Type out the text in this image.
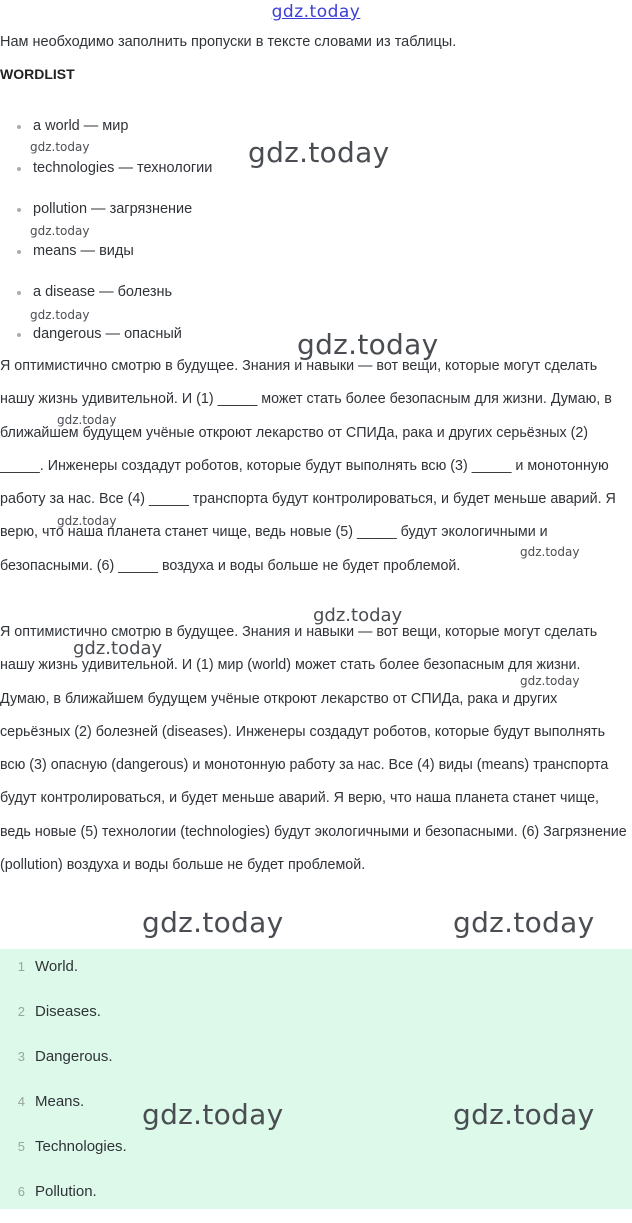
gdz.today
Нам необходимо заполнить пропуски в тексте словами из таблицы.
WORDLIST
a world — мир
technologies — технологии
pollution — загрязнение
means — виды
a disease — болезнь
dangerous — опасный

Я оптимистично смотрю в будущее. Знания и навыки — вот вещи, которые могут сделать нашу жизнь удивительной. И (1) _____ может стать более безопасным для жизни. Думаю, в ближайшем будущем учёные откроют лекарство от СПИДа, рака и других серьёзных (2) _____. Инженеры создадут роботов, которые будут выполнять всю (3) _____ и монотонную работу за нас. Все (4) _____ транспорта будут контролироваться, и будет меньше аварий. Я верю, что наша планета станет чище, ведь новые (5) _____ будут экологичными и безопасными. (6) _____ воздуха и воды больше не будет проблемой.

Я оптимистично смотрю в будущее. Знания и навыки — вот вещи, которые могут сделать нашу жизнь удивительной. И (1) мир (world) может стать более безопасным для жизни. Думаю, в ближайшем будущем учёные откроют лекарство от СПИДа, рака и других серьёзных (2) болезней (diseases). Инженеры создадут роботов, которые будут выполнять всю (3) опасную (dangerous) и монотонную работу за нас. Все (4) виды (means) транспорта будут контролироваться, и будет меньше аварий. Я верю, что наша планета станет чище, ведь новые (5) технологии (technologies) будут экологичными и безопасными. (6) Загрязнение (pollution) воздуха и воды больше не будет проблемой.

1 World.
2 Diseases.
3 Dangerous.
4 Means.
5 Technologies.
6 Pollution.
gdz.today	gdz.today
gdz.today
gdz.today
gdz.today
gdz.today
gdz.today
gdz.today
gdz.today
gdz.today
gdz.today
gdz.today	gdz.today
gdz.today	gdz.today
